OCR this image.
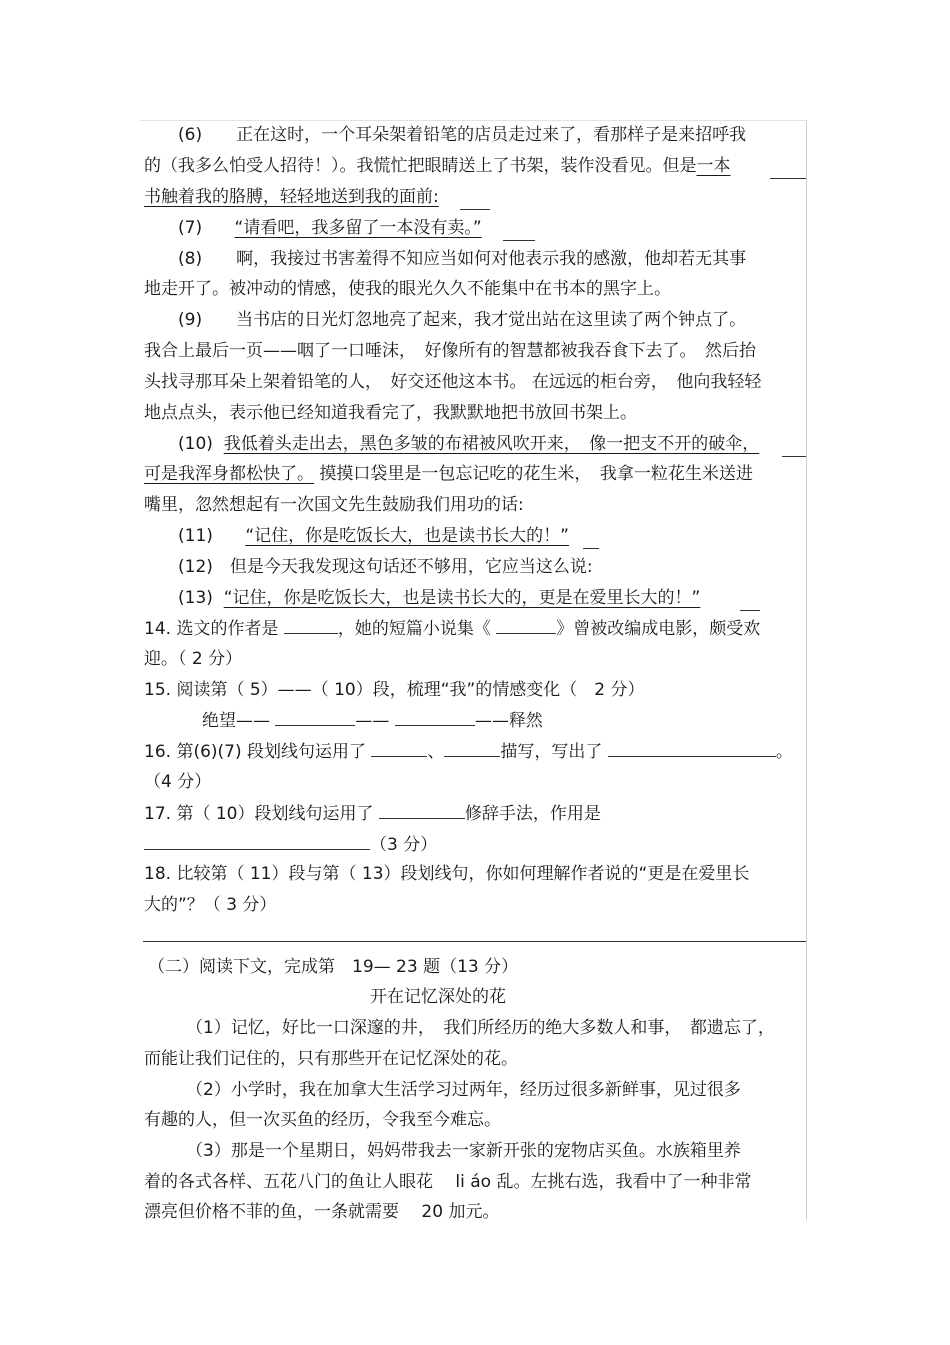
(6)　　正在这时，一个耳朵架着铅笔的店员走过来了，看那样子是来招呼我
的（我多么怕受人招待！）。我慌忙把眼睛送上了书架，装作没看见。但是一本
书触着我的胳膊，轻轻地送到我的面前:
(7) “请看吧，我多留了一本没有卖。”
(8)　　啊，我接过书害羞得不知应当如何对他表示我的感激，他却若无其事
地走开了。被冲动的情感，使我的眼光久久不能集中在书本的黑字上。
(9)　　当书店的日光灯忽地亮了起来，我才觉出站在这里读了两个钟点了。
我合上最后一页——咽了一口唾沫，　好像所有的智慧都被我吞食下去了。　然后抬
头找寻那耳朵上架着铅笔的人，　好交还他这本书。 在远远的柜台旁，　他向我轻轻
地点点头，表示他已经知道我看完了，我默默地把书放回书架上。
(10) 我低着头走出去，黑色多皱的布裙被风吹开来，　像一把支不开的破伞，
可是我浑身都松快了。 摸摸口袋里是一包忘记吃的花生米，　我拿一粒花生米送进
嘴里，忽然想起有一次国文先生鼓励我们用功的话:
(11) “记住，你是吃饭长大，也是读书长大的！”
(12)　但是今天我发现这句话还不够用，它应当这么说:
(13) “记住，你是吃饭长大，也是读书长大的，更是在爱里长大的！”
14. 选文的作者是	，她的短篇小说集《	》曾被改编成电影，颇受欢
迎。（ 2 分）
15. 阅读第（ 5）——（ 10）段，梳理“我”的情感变化（　2 分）
绝望——	——	——释然
16. 第(6)(7) 段划线句运用了	、	描写，写出了	。
（4 分）
17. 第（ 10）段划线句运用了	修辞手法，作用是
（3 分）
18. 比较第（ 11）段与第（ 13）段划线句，你如何理解作者说的“更是在爱里长
大的”？（ 3 分）
（二）阅读下文，完成第　19— 23 题（13 分）
开在记忆深处的花
（1）记忆，好比一口深邃的井，　我们所经历的绝大多数人和事，　都遗忘了，
而能让我们记住的，只有那些开在记忆深处的花。
（2）小学时，我在加拿大生活学习过两年，经历过很多新鲜事，见过很多
有趣的人，但一次买鱼的经历，令我至今难忘。
（3）那是一个星期日，妈妈带我去一家新开张的宠物店买鱼。水族箱里养
着的各式各样、五花八门的鱼让人眼花　 li áo 乱。左挑右选，我看中了一种非常
漂亮但价格不菲的鱼，一条就需要　 20 加元。
